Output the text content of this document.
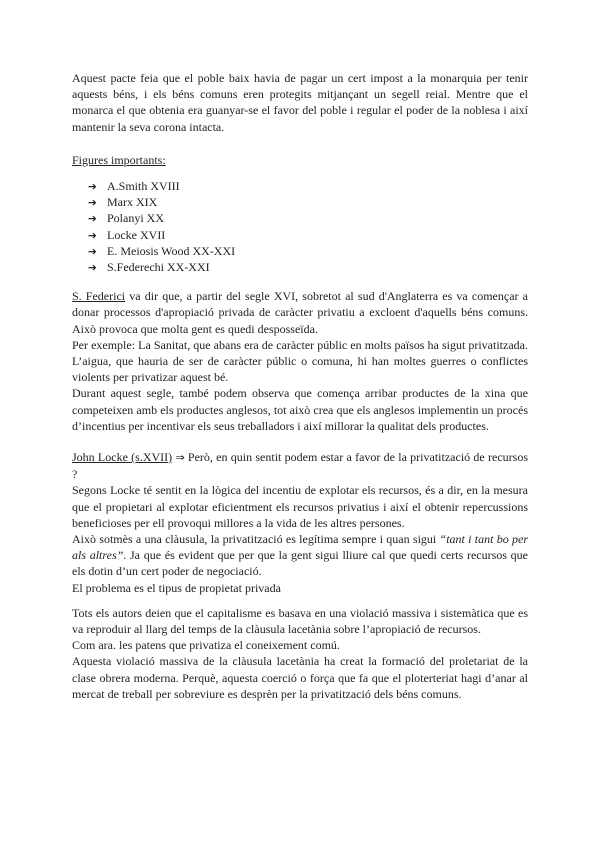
Aquest pacte feia que el poble baix havia de pagar un cert impost a la monarquia per tenir aquests béns, i els béns comuns eren protegits mitjançant un segell reial. Mentre que el monarca el que obtenia era guanyar-se el favor del poble i regular el poder de la noblesa i així mantenir la seva corona intacta.

Figures importants:

➔ A.Smith XVIII
➔ Marx XIX
➔ Polanyi XX
➔ Locke XVII
➔ E. Meiosis Wood XX-XXI
➔ S.Federechi XX-XXI

S. Federici va dir que, a partir del segle XVI, sobretot al sud d'Anglaterra es va començar a donar processos d'apropiació privada de caràcter privatiu a excloent d'aquells béns comuns. Això provoca que molta gent es quedi desposseïda.

Per exemple: La Sanitat, que abans era de caràcter públic en molts països ha sigut privatitzada. L’aigua, que hauria de ser de caràcter públic o comuna, hi han moltes guerres o conflictes violents per privatizar aquest bé.

Durant aquest segle, també podem observa que comença arribar productes de la xina que competeixen amb els productes anglesos, tot això crea que els anglesos implementin un procés d’incentius per incentivar els seus treballadors i així millorar la qualitat dels productes.

John Locke (s.XVII) ⇒ Però, en quin sentit podem estar a favor de la privatització de recursos ?

Segons Locke té sentit en la lògica del incentiu de explotar els recursos, és a dir, en la mesura que el propietari al explotar eficientment els recursos privatius i així el obtenir repercussions beneficioses per ell provoqui millores a la vida de les altres persones.

Això sotmès a una clàusula, la privatització es legítima sempre i quan sigui “tant i tant bo per als altres”. Ja que és evident que per que la gent sigui lliure cal que quedi certs recursos que els dotin d’un cert poder de negociació.

El problema es el tipus de propietat privada

Tots els autors deien que el capitalisme es basava en una violació massiva i sistemàtica que es va reproduir al llarg del temps de la clàusula lacetània sobre l’apropiació de recursos.

Com ara. les patens que privatiza el coneixement comú.

Aquesta violació massiva de la clàusula lacetània ha creat la formació del proletariat de la clase obrera moderna. Perquè, aquesta coerció o força que fa que el ploterteriat hagi d’anar al mercat de treball per sobreviure es desprèn per la privatització dels béns comuns.
